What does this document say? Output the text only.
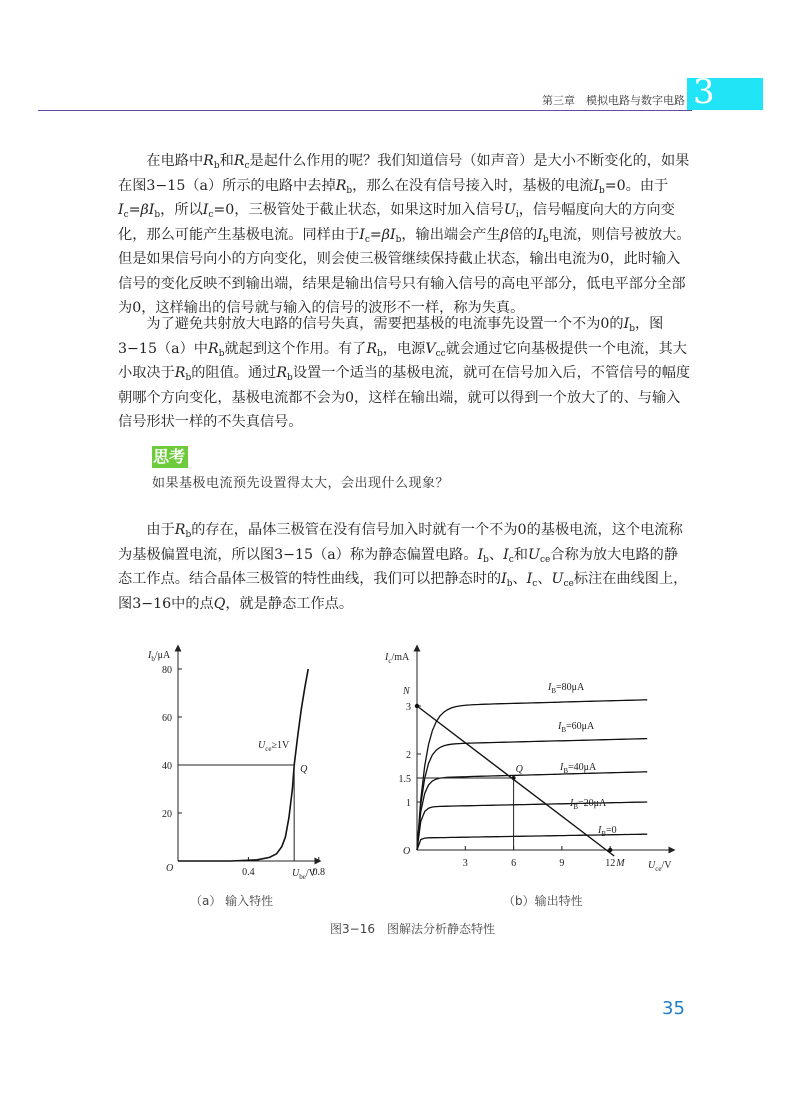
第三章　模拟电路与数字电路 3

在电路中$R_b$和$R_c$是起什么作用的呢？我们知道信号（如声音）是大小不断变化的，如果在图3−15（a）所示的电路中去掉$R_b$，那么在没有信号接入时，基极的电流$I_b=0$。由于$I_c=\beta I_b$，所以$I_c=0$，三极管处于截止状态，如果这时加入信号$U_i$，信号幅度向大的方向变化，那么可能产生基极电流。同样由于$I_c=\beta I_b$，输出端会产生β倍的$I_b$电流，则信号被放大。但是如果信号向小的方向变化，则会使三极管继续保持截止状态，输出电流为0，此时输入信号的变化反映不到输出端，结果是输出信号只有输入信号的高电平部分，低电平部分全部为0，这样输出的信号就与输入的信号的波形不一样，称为失真。

为了避免共射放大电路的信号失真，需要把基极的电流事先设置一个不为0的$I_b$，图3−15（a）中$R_b$就起到这个作用。有了$R_b$，电源$V_{cc}$就会通过它向基极提供一个电流，其大小取决于$R_b$的阻值。通过$R_b$设置一个适当的基极电流，就可在信号加入后，不管信号的幅度朝哪个方向变化，基极电流都不会为0，这样在输出端，就可以得到一个放大了的、与输入信号形状一样的不失真信号。

思考
如果基极电流预先设置得太大，会出现什么现象？

由于$R_b$的存在，晶体三极管在没有信号加入时就有一个不为0的基极电流，这个电流称为基极偏置电流，所以图3−15（a）称为静态偏置电路。$I_b$、$I_c$和$U_{ce}$合称为放大电路的静态工作点。结合晶体三极管的特性曲线，我们可以把静态时的$I_b$、$I_c$、$U_{ce}$标注在曲线图上，图3−16中的点Q，就是静态工作点。

O
20
40
60
80
0.4	0.8
$I_b/\mu A$
$U_{be}/V$
Q
$U_{ce}\ge 1V$
O
1
1.5
2
3
3	6	9	12
$I_c/mA$
$U_{ce}/V$
$I_B=80\mu A$
$I_B=60\mu A$
$I_B=40\mu A$
$I_B=20\mu A$
$I_B=0$
N
M
Q
（a） 输入特性	（b）输出特性
图3−16　图解法分析静态特性
35
